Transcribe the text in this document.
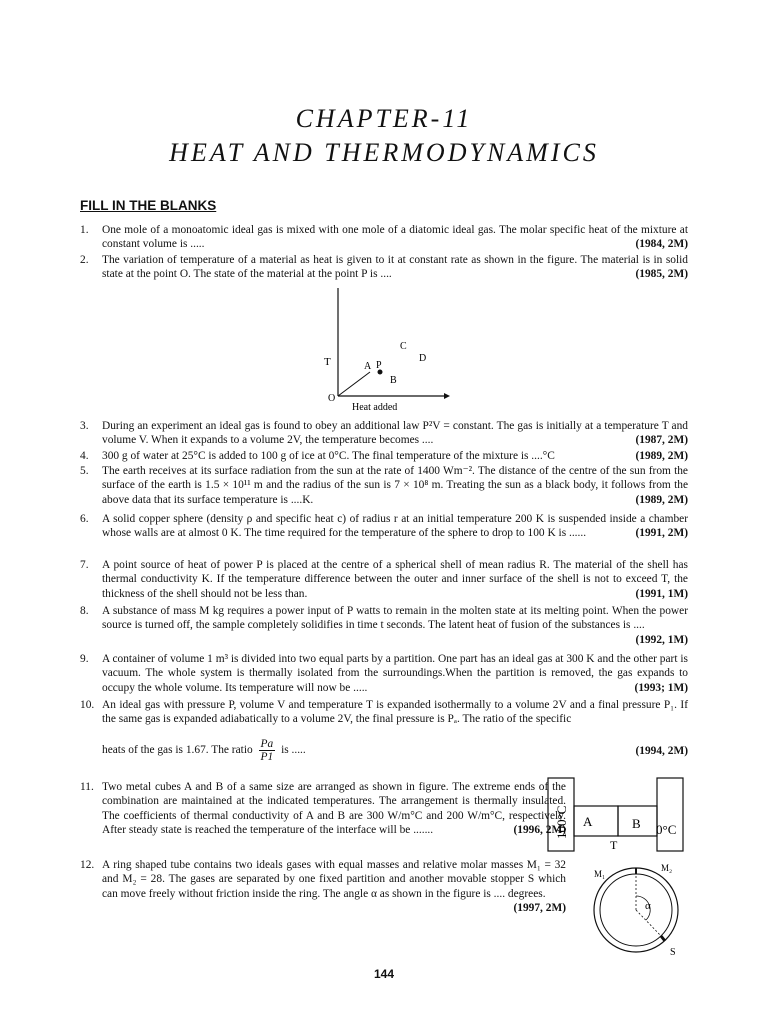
CHAPTER-11
HEAT AND THERMODYNAMICS
FILL IN THE BLANKS
1. One mole of a monoatomic ideal gas is mixed with one mole of a diatomic ideal gas. The molar specific heat of the mixture at constant volume is .....	(1984, 2M)
2. The variation of temperature of a material as heat is given to it at constant rate as shown in the figure. The material is in solid state at the point O. The state of the material at the point P is ....	(1985, 2M)
T
O
A P
B
C
D
Heat added
3. During an experiment an ideal gas is found to obey an additional law P²V = constant. The gas is initially at a temperature T and volume V. When it expands to a volume 2V, the temperature becomes ....	(1987, 2M)
4. 300 g of water at 25°C is added to 100 g of ice at 0°C. The final temperature of the mixture is ....°C	(1989, 2M)
5. The earth receives at its surface radiation from the sun at the rate of 1400 Wm⁻². The distance of the centre of the sun from the surface of the earth is 1.5 × 10¹¹ m and the radius of the sun is 7 × 10⁸ m. Treating the sun as a black body, it follows from the above data that its surface temperature is ....K.	(1989, 2M)
6. A solid copper sphere (density ρ and specific heat c) of radius r at an initial temperature 200 K is suspended inside a chamber whose walls are at almost 0 K. The time required for the temperature of the sphere to drop to 100 K is ......	(1991, 2M)
7. A point source of heat of power P is placed at the centre of a spherical shell of mean radius R. The material of the shell has thermal conductivity K. If the temperature difference between the outer and inner surface of the shell is not to exceed T, the thickness of the shell should not be less than.	(1991, 1M)
8. A substance of mass M kg requires a power input of P watts to remain in the molten state at its melting point. When the power source is turned off, the sample completely solidifies in time t seconds. The latent heat of fusion of the substances is ....
(1992, 1M)
9. A container of volume 1 m³ is divided into two equal parts by a partition. One part has an ideal gas at 300 K and the other part is vacuum. The whole system is thermally isolated from the surroundings.When the partition is removed, the gas expands to occupy the whole volume. Its temperature will now be .....	(1993; 1M)
10. An ideal gas with pressure P, volume V and temperature T is expanded isothermally to a volume 2V and a final pressure P₁. If the same gas is expanded adiabatically to a volume 2V, the final pressure is Pₐ. The ratio of the specific
heats of the gas is 1.67. The ratio $\frac{Pa}{P1}$ is .....	(1994, 2M)
11. Two metal cubes A and B of a same size are arranged as shown in figure. The extreme ends of the combination are maintained at the indicated temperatures. The arrangement is thermally insulated. The coefficients of thermal conductivity of A and B are 300 W/m°C and 200 W/m°C, respectively. After steady state is reached the temperature of the interface will be .......	(1996, 2M)
100°C A	B 0°C
T
12. A ring shaped tube contains two ideals gases with equal masses and relative molar masses M₁ = 32 and M₂ = 28. The gases are separated by one fixed partition and another movable stopper S which can move freely without friction inside the ring. The angle α as shown in the figure is .... degrees.
(1997, 2M)
M₁
M₂
α
S
144
